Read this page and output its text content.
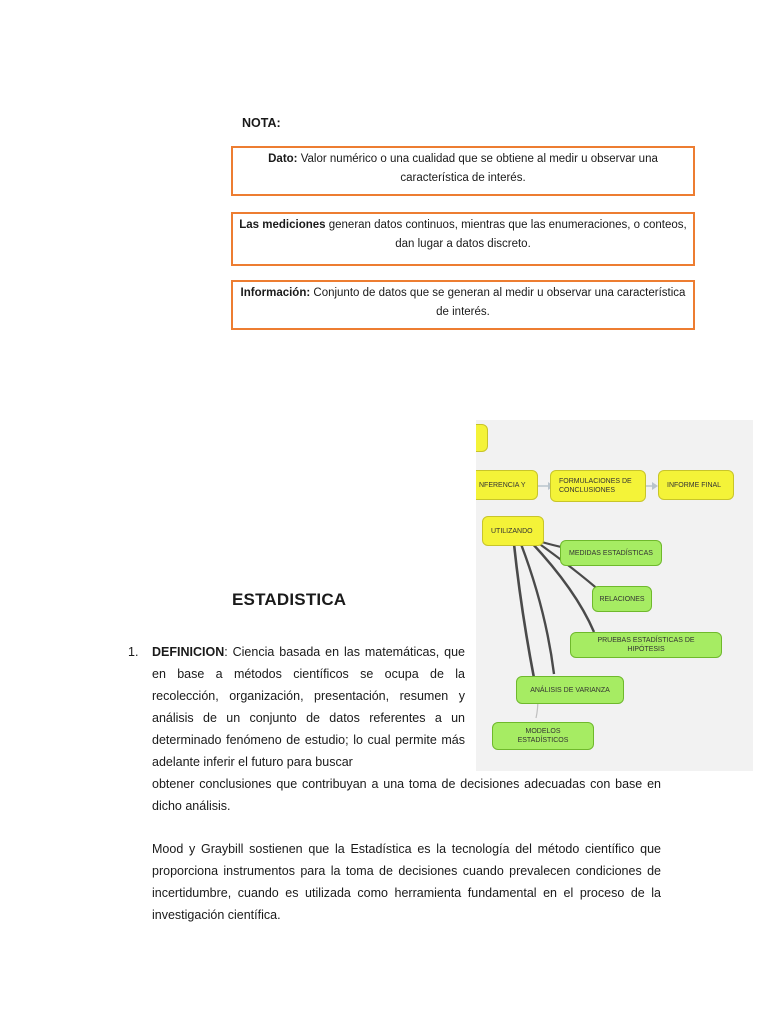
NOTA:
Dato: Valor numérico o una cualidad que se obtiene al medir u observar una característica de interés.
Las mediciones generan datos continuos, mientras que las enumeraciones, o conteos, dan lugar a datos discreto.
Información: Conjunto de datos que se generan al medir u observar una característica de interés.
NFERENCIA Y	FORMULACIONES DE CONCLUSIONES
INFORME FINAL
UTILIZANDO
MEDIDAS ESTADÍSTICAS
RELACIONES
PRUEBAS ESTADÍSTICAS DE HIPÓTESIS
ANÁLISIS DE VARIANZA
MODELOS ESTADÍSTICOS
ESTADISTICA
1. DEFINICION: Ciencia basada en las matemáticas, que en base a métodos científicos se ocupa de la recolección, organización, presentación, resumen y análisis de un conjunto de datos referentes a un determinado fenómeno de estudio; lo cual permite más adelante inferir el futuro para buscar
obtener conclusiones que contribuyan a una toma de decisiones adecuadas con base en dicho análisis.
Mood y Graybill sostienen que la Estadística es la tecnología del método científico que proporciona instrumentos para la toma de decisiones cuando prevalecen condiciones de incertidumbre, cuando es utilizada como herramienta fundamental en el proceso de la investigación científica.
